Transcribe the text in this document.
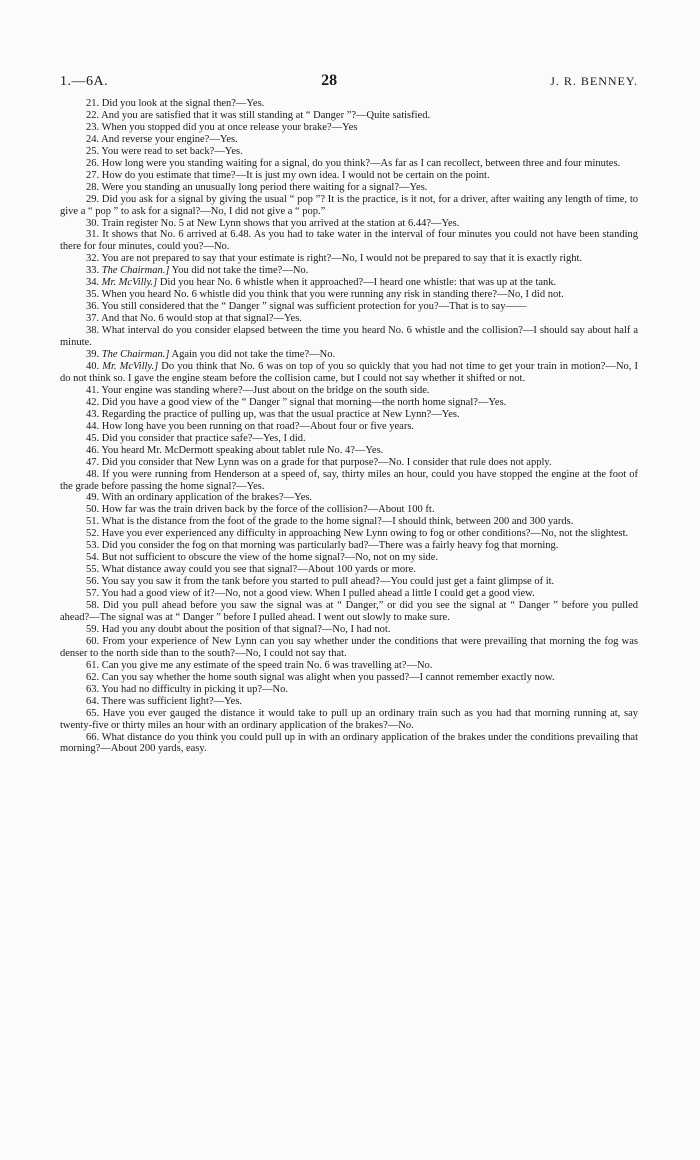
1.—6A.	28	J. R. BENNEY.

21. Did you look at the signal then?—Yes.

22. And you are satisfied that it was still standing at “ Danger ”?—Quite satisfied.

23. When you stopped did you at once release your brake?—Yes

24. And reverse your engine?—Yes.

25. You were read to set back?—Yes.

26. How long were you standing waiting for a signal, do you think?—As far as I can recollect, between three and four minutes.

27. How do you estimate that time?—It is just my own idea. I would not be certain on the point.

28. Were you standing an unusually long period there waiting for a signal?—Yes.

29. Did you ask for a signal by giving the usual “ pop ”? It is the practice, is it not, for a driver, after waiting any length of time, to give a “ pop ” to ask for a signal?—No, I did not give a “ pop.”

30. Train register No. 5 at New Lynn shows that you arrived at the station at 6.44?—Yes.

31. It shows that No. 6 arrived at 6.48. As you had to take water in the interval of four minutes you could not have been standing there for four minutes, could you?—No.

32. You are not prepared to say that your estimate is right?—No, I would not be prepared to say that it is exactly right.

33. The Chairman.] You did not take the time?—No.

34. Mr. McVilly.] Did you hear No. 6 whistle when it approached?—I heard one whistle: that was up at the tank.

35. When you heard No. 6 whistle did you think that you were running any risk in standing there?—No, I did not.

36. You still considered that the “ Danger ” signal was sufficient protection for you?—That is to say——

37. And that No. 6 would stop at that signal?—Yes.

38. What interval do you consider elapsed between the time you heard No. 6 whistle and the collision?—I should say about half a minute.

39. The Chairman.] Again you did not take the time?—No.

40. Mr. McVilly.] Do you think that No. 6 was on top of you so quickly that you had not time to get your train in motion?—No, I do not think so. I gave the engine steam before the collision came, but I could not say whether it shifted or not.

41. Your engine was standing where?—Just about on the bridge on the south side.

42. Did you have a good view of the “ Danger ” signal that morning—the north home signal?—Yes.

43. Regarding the practice of pulling up, was that the usual practice at New Lynn?—Yes.

44. How long have you been running on that road?—About four or five years.

45. Did you consider that practice safe?—Yes, I did.

46. You heard Mr. McDermott speaking about tablet rule No. 4?—Yes.

47. Did you consider that New Lynn was on a grade for that purpose?—No. I consider that rule does not apply.

48. If you were running from Henderson at a speed of, say, thirty miles an hour, could you have stopped the engine at the foot of the grade before passing the home signal?—Yes.

49. With an ordinary application of the brakes?—Yes.

50. How far was the train driven back by the force of the collision?—About 100 ft.

51. What is the distance from the foot of the grade to the home signal?—I should think, between 200 and 300 yards.

52. Have you ever experienced any difficulty in approaching New Lynn owing to fog or other conditions?—No, not the slightest.

53. Did you consider the fog on that morning was particularly bad?—There was a fairly heavy fog that morning.

54. But not sufficient to obscure the view of the home signal?—No, not on my side.

55. What distance away could you see that signal?—About 100 yards or more.

56. You say you saw it from the tank before you started to pull ahead?—You could just get a faint glimpse of it.

57. You had a good view of it?—No, not a good view. When I pulled ahead a little I could get a good view.

58. Did you pull ahead before you saw the signal was at “ Danger,” or did you see the signal at “ Danger ” before you pulled ahead?—The signal was at “ Danger ” before I pulled ahead. I went out slowly to make sure.

59. Had you any doubt about the position of that signal?—No, I had not.

60. From your experience of New Lynn can you say whether under the conditions that were prevailing that morning the fog was denser to the north side than to the south?—No, I could not say that.

61. Can you give me any estimate of the speed train No. 6 was travelling at?—No.

62. Can you say whether the home south signal was alight when you passed?—I cannot remember exactly now.

63. You had no difficulty in picking it up?—No.

64. There was sufficient light?—Yes.

65. Have you ever gauged the distance it would take to pull up an ordinary train such as you had that morning running at, say twenty-five or thirty miles an hour with an ordinary application of the brakes?—No.

66. What distance do you think you could pull up in with an ordinary application of the brakes under the conditions prevailing that morning?—About 200 yards, easy.
